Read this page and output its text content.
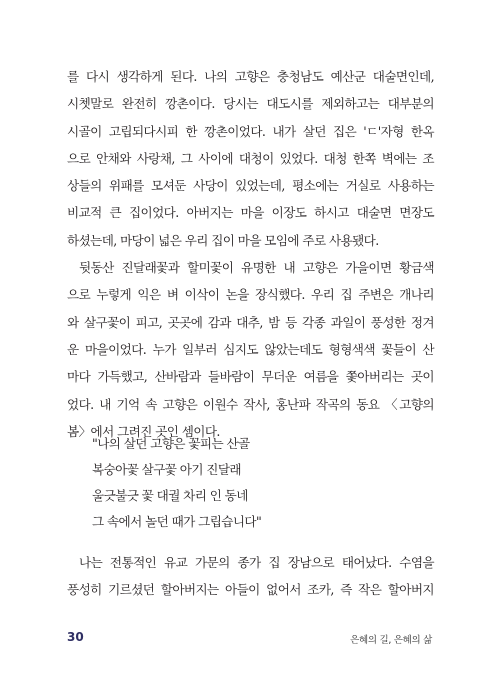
를 다시 생각하게 된다. 나의 고향은 충청남도 예산군 대술면인데,

시쳇말로 완전히 깡촌이다. 당시는 대도시를 제외하고는 대부분의

시골이 고립되다시피 한 깡촌이었다. 내가 살던 집은 'ㄷ'자형 한옥

으로 안채와 사랑채, 그 사이에 대청이 있었다. 대청 한쪽 벽에는 조

상들의 위패를 모셔둔 사당이 있었는데, 평소에는 거실로 사용하는

비교적 큰 집이었다. 아버지는 마을 이장도 하시고 대술면 면장도

하셨는데, 마당이 넓은 우리 집이 마을 모임에 주로 사용됐다.

뒷동산 진달래꽃과 할미꽃이 유명한 내 고향은 가을이면 황금색

으로 누렇게 익은 벼 이삭이 논을 장식했다. 우리 집 주변은 개나리

와 살구꽃이 피고, 곳곳에 감과 대추, 밤 등 각종 과일이 풍성한 정겨

운 마을이었다. 누가 일부러 심지도 않았는데도 형형색색 꽃들이 산

마다 가득했고, 산바람과 들바람이 무더운 여름을 쫓아버리는 곳이

었다. 내 기억 속 고향은 이원수 작사, 홍난파 작곡의 동요 〈고향의

봄〉에서 그려진 곳인 셈이다.

"나의 살던 고향은 꽃피는 산골
복숭아꽃 살구꽃 아기 진달래
울긋불긋 꽃 대궐 차리 인 동네
그 속에서 놀던 때가 그립습니다"

나는 전통적인 유교 가문의 종가 집 장남으로 태어났다. 수염을

풍성히 기르셨던 할아버지는 아들이 없어서 조카, 즉 작은 할아버지

30	은혜의 길, 은혜의 삶
